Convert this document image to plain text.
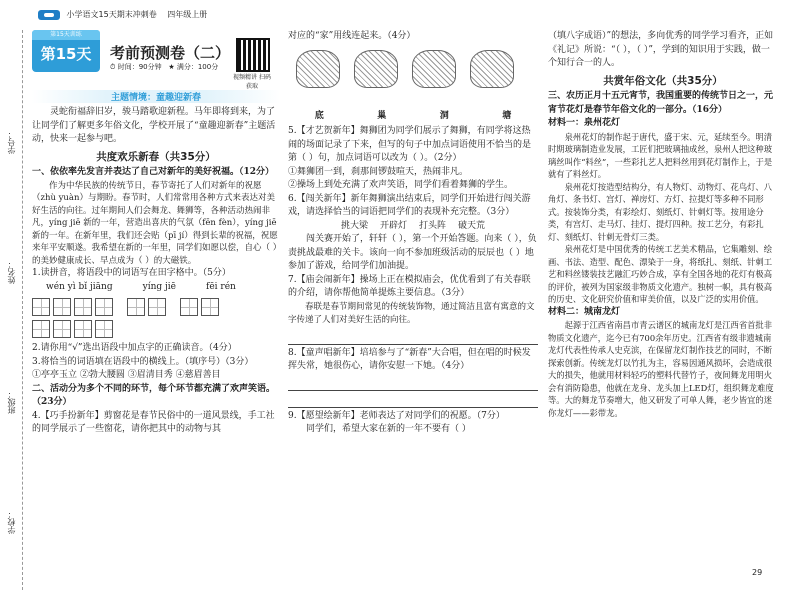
小学语文15天期末冲刺卷 四年级上册
学号：
姓名：
班级：
学校：
第15天训练
第15天	考前预测卷（二）
⏱ 时间：90分钟 ★ 满分：100分
视频精讲 扫码获取
主题情境：童趣迎新春

灵蛇衔福辞旧岁，骏马踏歌迎新程。马年即将到来，为了让同学们了解更多年俗文化，学校开展了“童趣迎新春”主题活动，快来一起参与吧。

共度欢乐新春（共35分）

一、依依率先发言并表达了自己对新年的美好祝福。（12分）

作为中华民族的传统节日，春节寄托了人们对新年的祝愿（zhù yuàn）与期盼。春节时，人们常常用各种方式来表达对美好生活的向往。过年期间人们会舞龙、舞狮等，各种活动热闹非凡，yíng jiē 新的一年，营造出喜庆的气氛（fēn fèn），yíng jiē 新的一年。在新年里，我们还会贴（pī jí）得到长辈的祝福，祝愿来年平安顺遂。我希望在新的一年里，同学们如愿以偿，自心（ ）的美妙健康成长、早点成为（ ）的大磁铁。

1.读拼音，将语段中的词语写在田字格中。（5分）

wén yì bǐ jiāng	yíng jiē	fēi rén

2.请你用“√”选出语段中加点字的正确读音。（4分）

3.将恰当的词语填在语段中的横线上。（填序号）（3分）

①亭亭玉立 ②勃大腰圆 ③眉清目秀 ④慈眉善目

二、活动分为多个不同的环节，每个环节都充满了欢声笑语。（23分）

4.【巧手扮新年】剪窗花是春节民俗中的一道风景线，手工社的同学展示了一些窗花，请你把其中的动物与其

对应的“家”用线连起来。（4分）

底	巢	洞	塘

5.【才艺贺新年】舞狮团为同学们展示了舞狮，有同学将这热闹的场面记录了下来，但写的句子中加点词语使用不恰当的是第（ ）句，加点词语可以改为（ ）。（2分）

①舞狮团一到，刹那间锣鼓喧天，热闹非凡。

②操场上到处充满了欢声笑语，同学们看着舞狮的学生。

6.【闯关新年】新年舞狮演出结束后，同学们开始进行闯关游戏，请选择恰当的词语把同学们的表现补充完整。（3分）

挑大梁 开辟灯 打头阵 破天荒

闯关赛开始了，轩轩（ ），第一个开始答题。向来（ ），负责挑战最难的关卡。该向一向不参加班级活动的辰辰也（ ）地参加了游戏，给同学们加油提。

7.【庙会闹新年】操场上正在模拟庙会，优优看到了有关春联的介绍，请你帮他简单提炼主要信息。（3分）

春联是春节期间常见的传统装饰物，通过简洁且富有寓意的文字传递了人们对美好生活的向往。

8.【童声唱新年】培培参与了“新春”大合唱，但在唱的时候发挥失常，她很伤心，请你安慰一下她。（4分）

9.【愿望绘新年】老师表达了对同学们的祝愿。（7分）

同学们，希望大家在新的一年不要有（ ）

（填八字成语）”的想法，多向优秀的同学学习看齐，正如《礼记》所说：“（ ），（ ）”，学到的知识用于实践，做一个知行合一的人。

共赏年俗文化（共35分）

三、农历正月十五元宵节，我国重要的传统节日之一，元宵节花灯是春节年俗文化的一部分。（16分）

材料一：泉州花灯

泉州花灯的制作起于唐代，盛于宋、元，延续至今。明清时期玻璃制造业发展，工匠们把玻璃抽成丝，泉州人把这种玻璃丝叫作“料丝”，一些彩扎艺人把料丝用到花灯制作上，于是就有了料丝灯。

泉州花灯按造型结构分，有人物灯、动物灯、花鸟灯、八角灯、条书灯、宫灯、禅房灯、方灯、拉提灯等多种不同形式。按装饰分类，有彩绘灯、刻纸灯、针刺灯等。按用途分类，有宫灯、走马灯、挂灯、提灯四种。按工艺分，有彩扎灯、刻纸灯、针刺无骨灯三类。

泉州花灯是中国优秀的传统工艺美术精品，它集雕刻、绘画、书法、造型、配色、漂染于一身，将纸扎、刻纸、针刺工艺和料丝镂装技艺融汇巧妙合成，享有全国各地的花灯有极高的评价，被列为国家级非物质文化遗产。独树一帜，具有极高的历史、文化研究价值和审美价值，以及广泛的实用价值。

材料二：城南龙灯

起源于江西省南昌市青云谱区的城南龙灯是江西省首批非物质文化遗产，迄今已有700余年历史。江西省有级非遗城南龙灯代表性传承人史克滨，在保留龙灯制作技艺的同时，不断探索创新。传统龙灯以竹扎为主，容易因通风损坏，会造成很大的损失，他就用材料轻巧的塑料代替竹子，夜间舞龙用明火会有消防隐患，他就在龙身、龙头加上LED灯，组织舞龙难度等。大的舞龙节奏增大，他又研发了可单人舞，老少皆宜的迷你龙灯——彩带龙。

29
